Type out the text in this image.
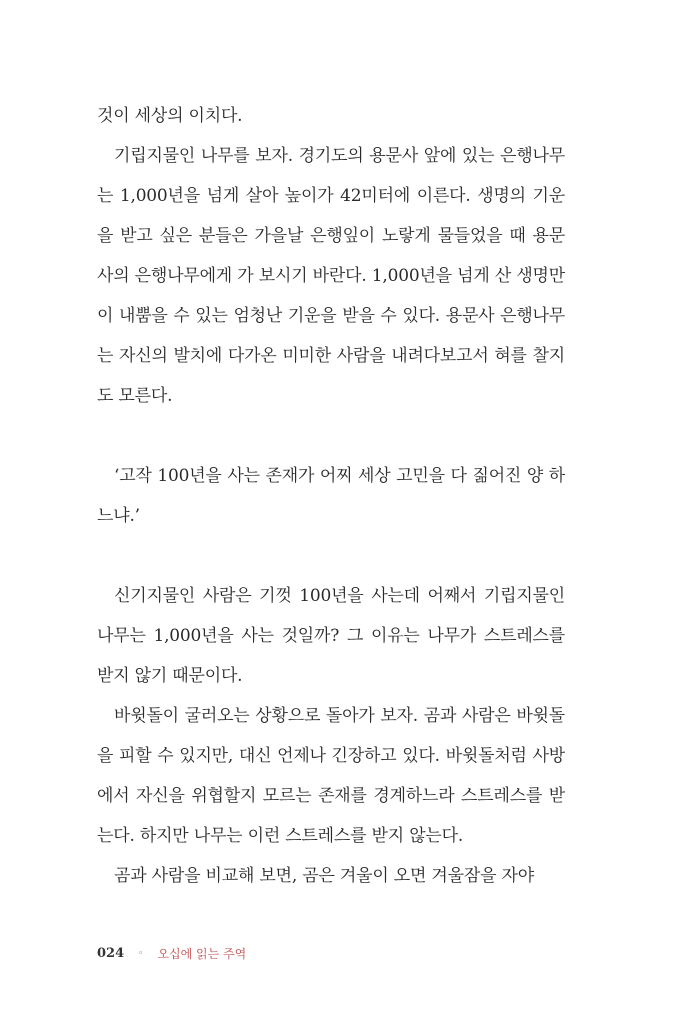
것이 세상의 이치다.

기립지물인 나무를 보자. 경기도의 용문사 앞에 있는 은행나무는 1,000년을 넘게 살아 높이가 42미터에 이른다. 생명의 기운을 받고 싶은 분들은 가을날 은행잎이 노랗게 물들었을 때 용문사의 은행나무에게 가 보시기 바란다. 1,000년을 넘게 산 생명만이 내뿜을 수 있는 엄청난 기운을 받을 수 있다. 용문사 은행나무는 자신의 발치에 다가온 미미한 사람을 내려다보고서 혀를 찰지도 모른다.

‘고작 100년을 사는 존재가 어찌 세상 고민을 다 짊어진 양 하느냐.’

신기지물인 사람은 기껏 100년을 사는데 어째서 기립지물인 나무는 1,000년을 사는 것일까? 그 이유는 나무가 스트레스를 받지 않기 때문이다.

바윗돌이 굴러오는 상황으로 돌아가 보자. 곰과 사람은 바윗돌을 피할 수 있지만, 대신 언제나 긴장하고 있다. 바윗돌처럼 사방에서 자신을 위협할지 모르는 존재를 경계하느라 스트레스를 받는다. 하지만 나무는 이런 스트레스를 받지 않는다.

곰과 사람을 비교해 보면, 곰은 겨울이 오면 겨울잠을 자야

024 ◦ 오십에 읽는 주역
